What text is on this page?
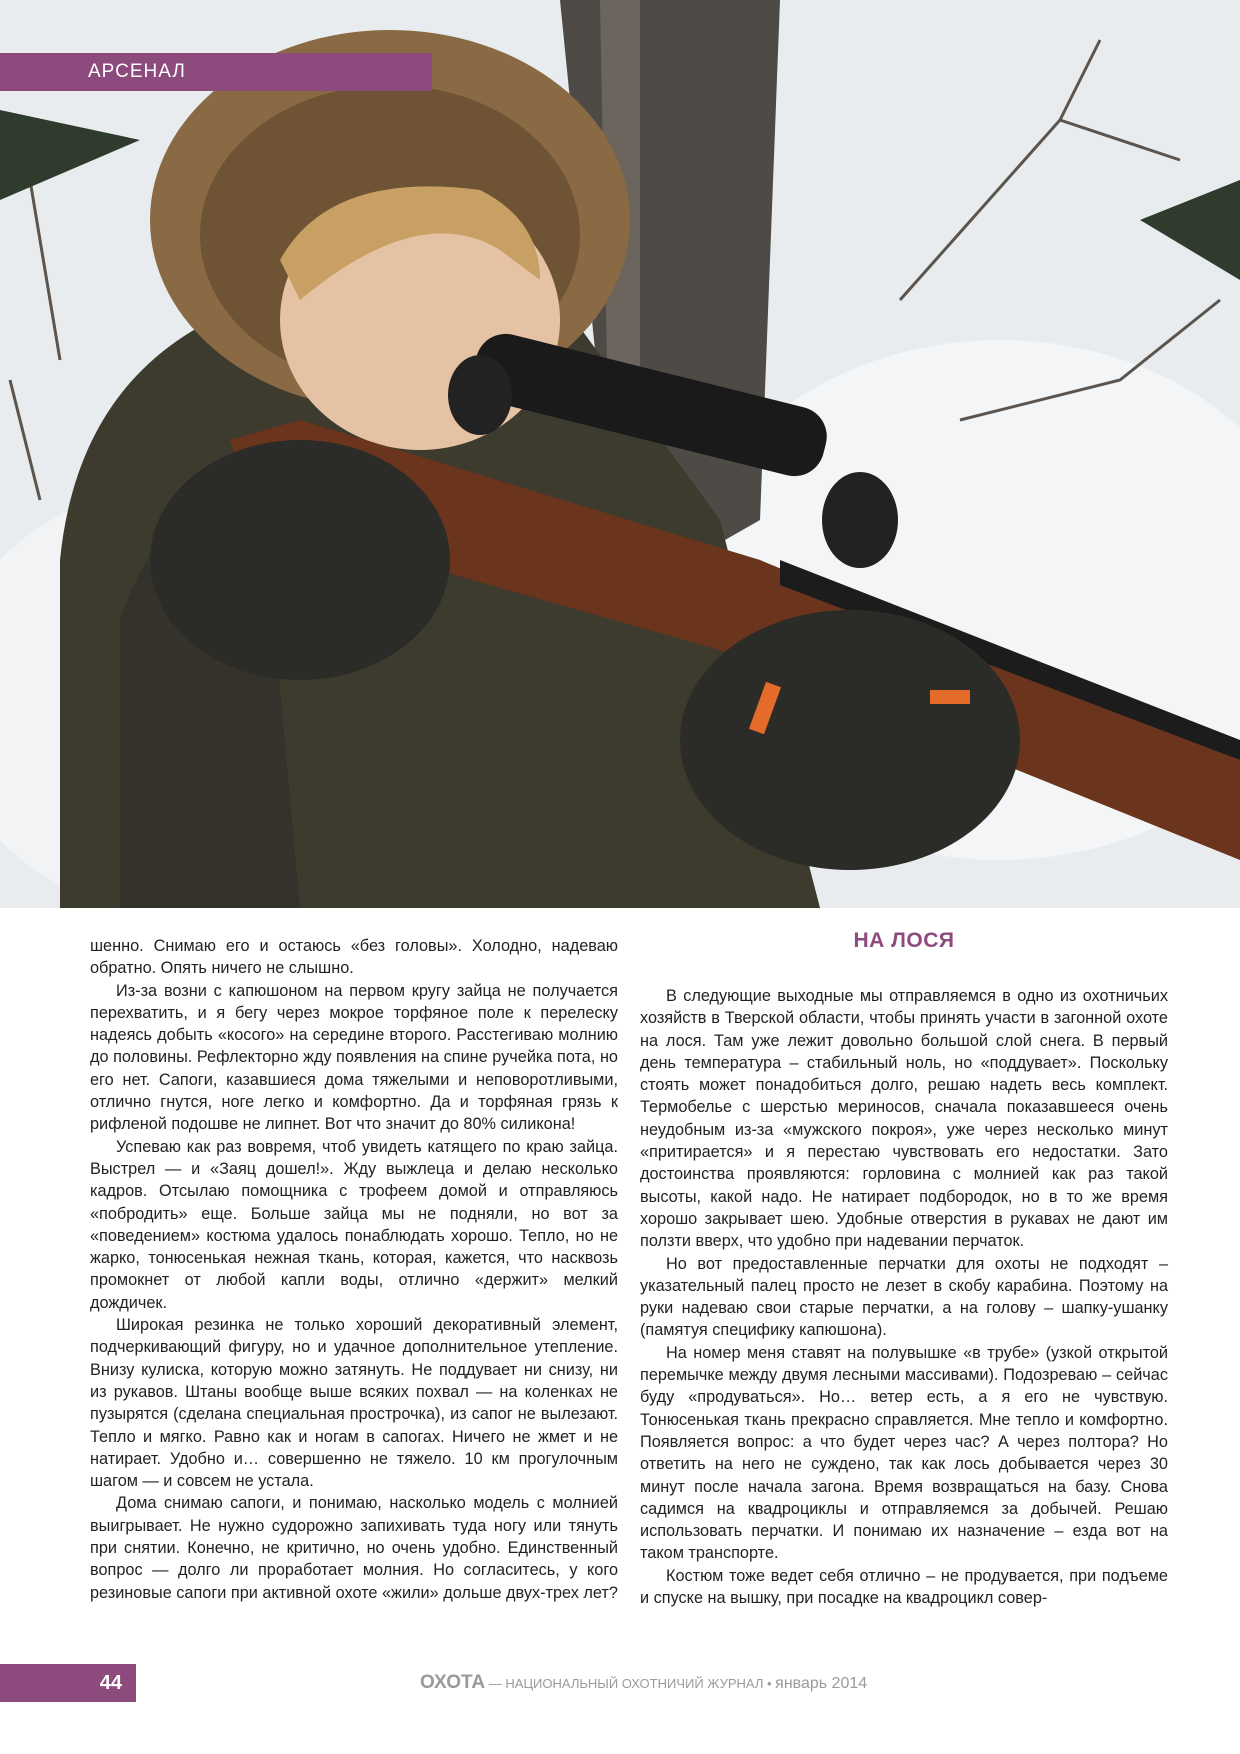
АРСЕНАЛ

шенно. Снимаю его и остаюсь «без головы». Холодно, надеваю обратно. Опять ничего не слышно.

Из-за возни с капюшоном на первом кругу зайца не получается перехватить, и я бегу через мокрое торфяное поле к перелеску надеясь добыть «косого» на середине второго. Расстегиваю молнию до половины. Рефлекторно жду появления на спине ручейка пота, но его нет. Сапоги, казавшиеся дома тяжелыми и неповоротливыми, отлично гнутся, ноге легко и комфортно. Да и торфяная грязь к рифленой подошве не липнет. Вот что значит до 80% силикона!

Успеваю как раз вовремя, чтоб увидеть катящего по краю зайца. Выстрел — и «Заяц дошел!». Жду выжлеца и делаю несколько кадров. Отсылаю помощника с трофеем домой и отправляюсь «побродить» еще. Больше зайца мы не подняли, но вот за «поведением» костюма удалось понаблюдать хорошо. Тепло, но не жарко, тонюсенькая нежная ткань, которая, кажется, что насквозь промокнет от любой капли воды, отлично «держит» мелкий дождичек.

Широкая резинка не только хороший декоративный элемент, подчеркивающий фигуру, но и удачное дополнительное утепление. Внизу кулиска, которую можно затянуть. Не поддувает ни снизу, ни из рукавов. Штаны вообще выше всяких похвал — на коленках не пузырятся (сделана специальная прострочка), из сапог не вылезают. Тепло и мягко. Равно как и ногам в сапогах. Ничего не жмет и не натирает. Удобно и… совершенно не тяжело. 10 км прогулочным шагом — и совсем не устала.

Дома снимаю сапоги, и понимаю, насколько модель с молнией выигрывает. Не нужно судорожно запихивать туда ногу или тянуть при снятии. Конечно, не критично, но очень удобно. Единственный вопрос — долго ли проработает молния. Но согласитесь, у кого резиновые сапоги при активной охоте «жили» дольше двух-трех лет?

НА ЛОСЯ

В следующие выходные мы отправляемся в одно из охотничьих хозяйств в Тверской области, чтобы принять участи в загонной охоте на лося. Там уже лежит довольно большой слой снега. В первый день температура – стабильный ноль, но «поддувает». Поскольку стоять может понадобиться долго, решаю надеть весь комплект. Термобелье с шерстью мериносов, сначала показавшееся очень неудобным из-за «мужского покроя», уже через несколько минут «притирается» и я перестаю чувствовать его недостатки. Зато достоинства проявляются: горловина с молнией как раз такой высоты, какой надо. Не натирает подбородок, но в то же время хорошо закрывает шею. Удобные отверстия в рукавах не дают им ползти вверх, что удобно при надевании перчаток.

Но вот предоставленные перчатки для охоты не подходят – указательный палец просто не лезет в скобу карабина. Поэтому на руки надеваю свои старые перчатки, а на голову – шапку-ушанку (памятуя специфику капюшона).

На номер меня ставят на полувышке «в трубе» (узкой открытой перемычке между двумя лесными массивами). Подозреваю – сейчас буду «продуваться». Но… ветер есть, а я его не чувствую. Тонюсенькая ткань прекрасно справляется. Мне тепло и комфортно. Появляется вопрос: а что будет через час? А через полтора? Но ответить на него не суждено, так как лось добывается через 30 минут после начала загона. Время возвращаться на базу. Снова садимся на квадроциклы и отправляемся за добычей. Решаю использовать перчатки. И понимаю их назначение – езда вот на таком транспорте.

Костюм тоже ведет себя отлично – не продувается, при подъеме и спуске на вышку, при посадке на квадроцикл совер-

44	ОХОТА — НАЦИОНАЛЬНЫЙ ОХОТНИЧИЙ ЖУРНАЛ • январь 2014
